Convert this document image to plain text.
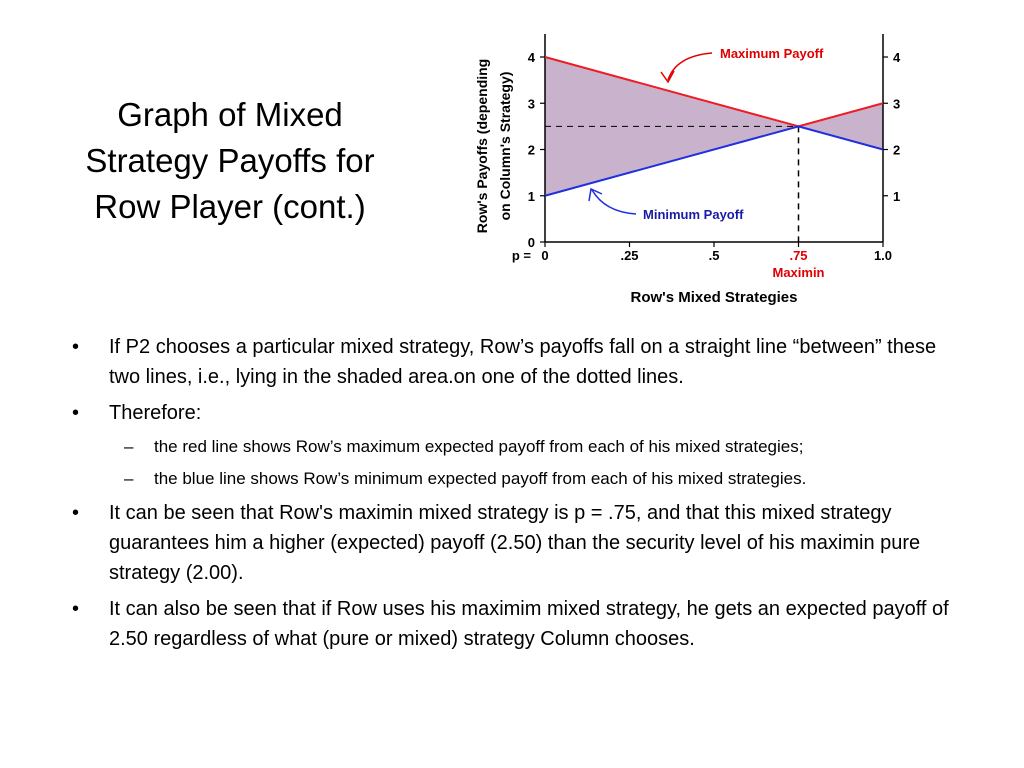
Graph of Mixed
Strategy Payoffs for
Row Player (cont.)
0
1
2
3
4
1
2
3
4
0	.25	.5	.75	1.0
p =
Maximin
Maximum Payoff
Minimum Payoff
Row's Mixed Strategies
Row's Payoffs (depending on Column's Strategy)
• If P2 chooses a particular mixed strategy, Row’s payoffs fall on a straight line “between” these two lines, i.e., lying in the shaded area.on one of the dotted lines.
• Therefore:
– the red line shows Row’s maximum expected payoff from each of his mixed strategies;
– the blue line shows Row’s minimum expected payoff from each of his mixed strategies.
• It can be seen that Row's maximin mixed strategy is p = .75, and that this mixed strategy guarantees him a higher (expected) payoff (2.50) than the security level of his maximin pure strategy (2.00).
• It can also be seen that if Row uses his maximim mixed strategy, he gets an expected payoff of 2.50 regardless of what (pure or mixed) strategy Column chooses.
